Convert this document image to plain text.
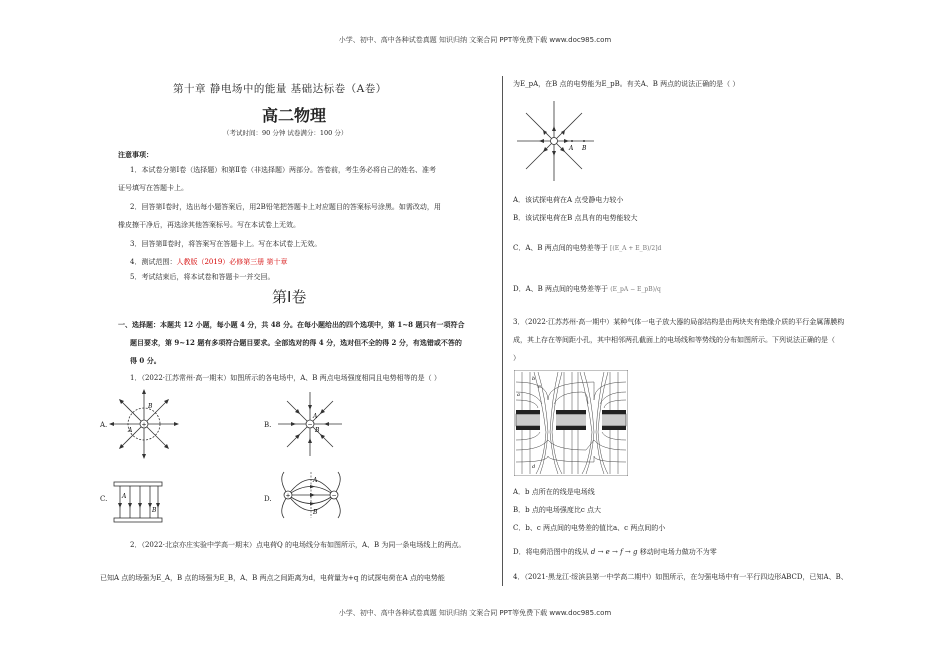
小学、初中、高中各种试卷真题 知识归纳 文案合同 PPT等免费下载 www.doc985.com
小学、初中、高中各种试卷真题 知识归纳 文案合同 PPT等免费下载 www.doc985.com
第十章 静电场中的能量 基础达标卷（A卷）
高二物理
（考试时间：90 分钟 试卷满分：100 分）
注意事项：
1．本试卷分第Ⅰ卷（选择题）和第Ⅱ卷（非选择题）两部分。答卷前，考生务必将自己的姓名、准考
证号填写在答题卡上。
2．回答第Ⅰ卷时，选出每小题答案后，用2B铅笔把答题卡上对应题目的答案标号涂黑。如需改动，用
橡皮擦干净后，再选涂其他答案标号。写在本试卷上无效。
3．回答第Ⅱ卷时，将答案写在答题卡上。写在本试卷上无效。
4．测试范围：人教版（2019）必修第三册 第十章
5．考试结束后，将本试卷和答题卡一并交回。
第Ⅰ卷
一、选择题：本题共 12 小题，每小题 4 分，共 48 分。在每小题给出的四个选项中，第 1~8 题只有一项符合
题目要求，第 9~12 题有多项符合题目要求。全部选对的得 4 分，选对但不全的得 2 分，有选错或不答的
得 0 分。
1．（2022·江苏常州·高一期末）如图所示的各电场中，A、B 两点电场强度相同且电势相等的是（ ）
A.	B.
C.	D.
+
B
A
−
A
B
A
B
+	−
A
B
2．（2022·北京亦庄实验中学高一期末）点电荷Q 的电场线分布如图所示，A、B 为同一条电场线上的两点。
已知A 点的场强为E_A，B 点的场强为E_B，A、B 两点之间距离为d，电荷量为+q 的试探电荷在A 点的电势能
为E_pA，在B 点的电势能为E_pB。有关A、B 两点的说法正确的是（ ）
A B
A．该试探电荷在A 点受静电力较小
B．该试探电荷在B 点具有的电势能较大
C．A、B 两点间的电势差等于 [(E_A + E_B)/2]d
D．A、B 两点间的电势差等于 (E_pA − E_pB)/q
3．（2022·江苏苏州·高一期中）某种气体一电子放大器的局部结构是由两块夹有绝缘介质的平行金属薄膜构
成，其上存在等间距小孔，其中相邻两孔截面上的电场线和等势线的分布如图所示。下列说法正确的是（
）
a
b
c
d
A．b 点所在的线是电场线
B．b 点的电场强度比c 点大
C．b、c 两点间的电势差的值比a、c 两点间的小
D．将电荷沿图中的线从 d → e → f → g 移动时电场力做功不为零
4．（2021·黑龙江·绥滨县第一中学高二期中）如图所示，在匀强电场中有一平行四边形ABCD，已知A、B、
